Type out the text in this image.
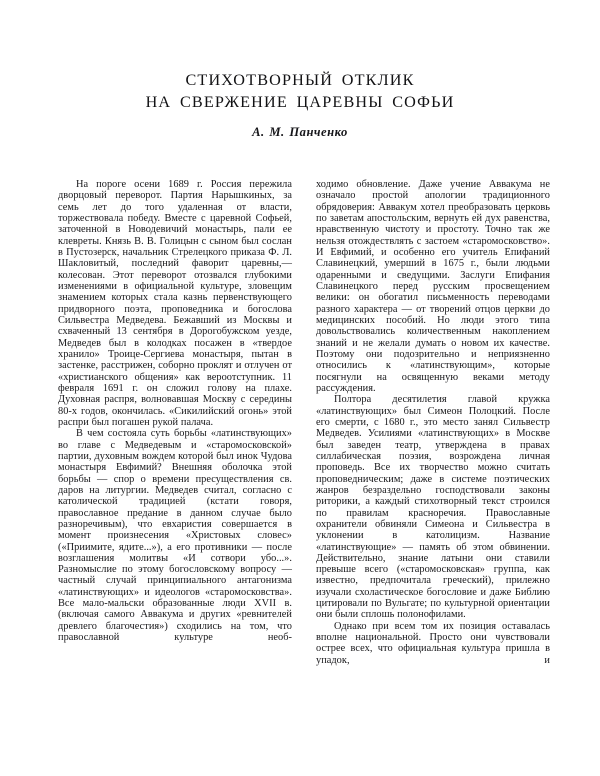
СТИХОТВОРНЫЙ ОТКЛИК
НА СВЕРЖЕНИЕ ЦАРЕВНЫ СОФЬИ
А. М. Панченко

На пороге осени 1689 г. Россия пережила дворцовый переворот. Партия Нарышкиных, за семь лет до того удаленная от власти, торжествовала победу. Вместе с царевной Софьей, заточенной в Новодевичий монастырь, пали ее клевреты. Князь В. В. Голицын с сыном был сослан в Пустозерск, начальник Стрелецкого приказа Ф. Л. Шакловитый, последний фаворит царевны,— колесован. Этот переворот отозвался глубокими изменениями в официальной культуре, зловещим знамением которых стала казнь первенствующего придворного поэта, проповедника и богослова Сильвестра Медведева. Бежавший из Москвы и схваченный 13 сентября в Дорогобужском уезде, Медведев был в колодках посажен в «твердое хранило» Троице-Сергиева монастыря, пытан в застенке, расстрижен, соборно проклят и отлучен от «христианского общения» как вероотступник. 11 февраля 1691 г. он сложил голову на плахе. Духовная распря, волновавшая Москву с середины 80-х годов, окончилась. «Сикилийский огонь» этой распри был погашен рукой палача.

В чем состояла суть борьбы «латинствующих» во главе с Медведевым и «старомосковской» партии, духовным вождем которой был инок Чудова монастыря Евфимий? Внешняя оболочка этой борьбы — спор о времени пресуществления св. даров на литургии. Медведев считал, согласно с католической традицией (кстати говоря, православное предание в данном случае было разноречивым), что евхаристия совершается в момент произнесения «Христовых словес» («Приимите, ядите...»), а его противники — после возглашения молитвы «И сотвори убо...». Разномыслие по этому богословскому вопросу — частный случай принципиального антагонизма «латинствующих» и идеологов «старомосковства». Все мало-мальски образованные люди XVII в. (включая самого Аввакума и других «ревнителей древлего благочестия») сходились на том, что православной культуре необ-

ходимо обновление. Даже учение Аввакума не означало простой апологии традиционного обрядоверия: Аввакум хотел преобразовать церковь по заветам апостольским, вернуть ей дух равенства, нравственную чистоту и простоту. Точно так же нельзя отождествлять с застоем «старомосковство». И Евфимий, и особенно его учитель Епифаний Славинецкий, умерший в 1675 г., были людьми одаренными и сведущими. Заслуги Епифания Славинецкого перед русским просвещением велики: он обогатил письменность переводами разного характера — от творений отцов церкви до медицинских пособий. Но люди этого типа довольствовались количественным накоплением знаний и не желали думать о новом их качестве. Поэтому они подозрительно и неприязненно относились к «латинствующим», которые посягнули на освященную веками методу рассуждения.

Полтора десятилетия главой кружка «латинствующих» был Симеон Полоцкий. После его смерти, с 1680 г., это место занял Сильвестр Медведев. Усилиями «латинствующих» в Москве был заведен театр, утверждена в правах силлабическая поэзия, возрождена личная проповедь. Все их творчество можно считать проповедническим; даже в системе поэтических жанров безраздельно господствовали законы риторики, а каждый стихотворный текст строился по правилам красноречия. Православные охранители обвиняли Симеона и Сильвестра в уклонении в католицизм. Название «латинствующие» — память об этом обвинении. Действительно, знание латыни они ставили превыше всего («старомосковская» группа, как известно, предпочитала греческий), прилежно изучали схоластическое богословие и даже Библию цитировали по Вульгате; по культурной ориентации они были сплошь полонофилами.

Однако при всем том их позиция оставалась вполне национальной. Просто они чувствовали острее всех, что официальная культура пришла в упадок, и
